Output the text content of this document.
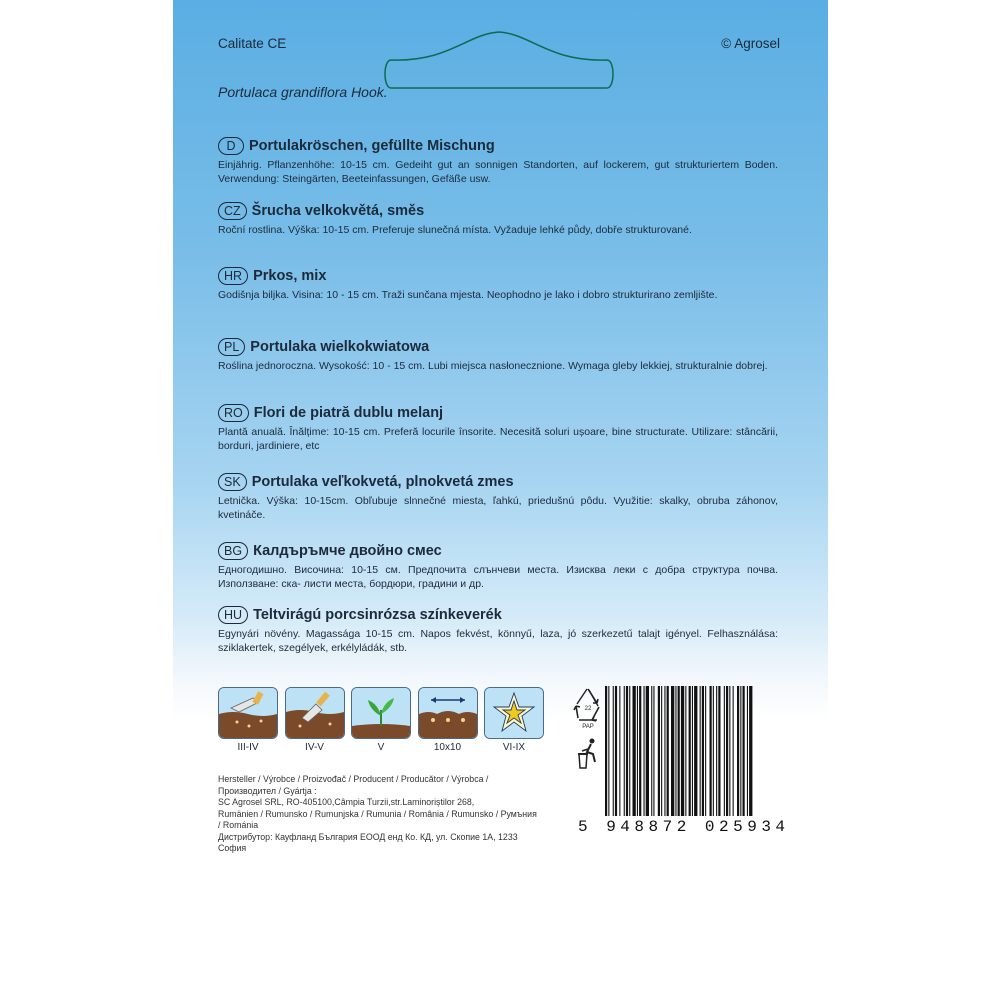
Calitate CE	© Agrosel
Portulaca grandiflora Hook.
D Portulakröschen, gefüllte Mischung
Einjährig. Pflanzenhöhe: 10-15 cm. Gedeiht gut an sonnigen Standorten, auf lockerem, gut strukturiertem Boden. Verwendung: Steingärten, Beeteinfassungen, Gefäße usw.
CZ Šrucha velkokvětá, směs
Roční rostlina. Výška: 10-15 cm. Preferuje slunečná místa. Vyžaduje lehké půdy, dobře strukturované.
HR Prkos, mix
Godišnja biljka. Visina: 10 - 15 cm. Traži sunčana mjesta. Neophodno je lako i dobro strukturirano zemljište.
PL Portulaka wielkokwiatowa
Roślina jednoroczna. Wysokość: 10 - 15 cm. Lubi miejsca nasłonecznione. Wymaga gleby lekkiej, strukturalnie dobrej.
RO Flori de piatră dublu melanj
Plantă anuală. Înălțime: 10-15 cm. Preferă locurile însorite. Necesită soluri ușoare, bine structurate. Utilizare: stâncării, borduri, jardiniere, etc
SK Portulaka veľkokvetá, plnokvetá zmes
Letnička. Výška: 10-15cm. Obľubuje slnnečné miesta, ľahkú, priedušnú pôdu. Využitie: skalky, obruba záhonov, kvetináče.
BG Калдъръмче двойно смес
Едногодишно. Височина: 10-15 см. Предпочита слънчеви места. Изисква леки с добра структура почва. Използване: ска- листи места, бордюри, градини и др.
HU Teltvirágú porcsinrózsa színkeverék
Egynyári növény. Magassága 10-15 cm. Napos fekvést, könnyű, laza, jó szerkezetű talajt igényel. Felhasználása: sziklakertek, szegélyek, erkélyládák, stb.
III-IV	IV-V	V	10x10	VI-IX
Hersteller / Výrobce / Proizvođač / Producent / Producător / Výrobca / Производител / Gyártja :
SC Agrosel SRL, RO-405100,Câmpia Turzii,str.Laminoriștilor 268,
Rumänien / Rumunsko / Rumunjska / Rumunia / România / Rumunsko / Румъния / Románia
Дистрибутор: Кауфланд България ЕООД енд Ко. КД, ул. Скопие 1А, 1233 София
22
PAP
5 948872 025934
